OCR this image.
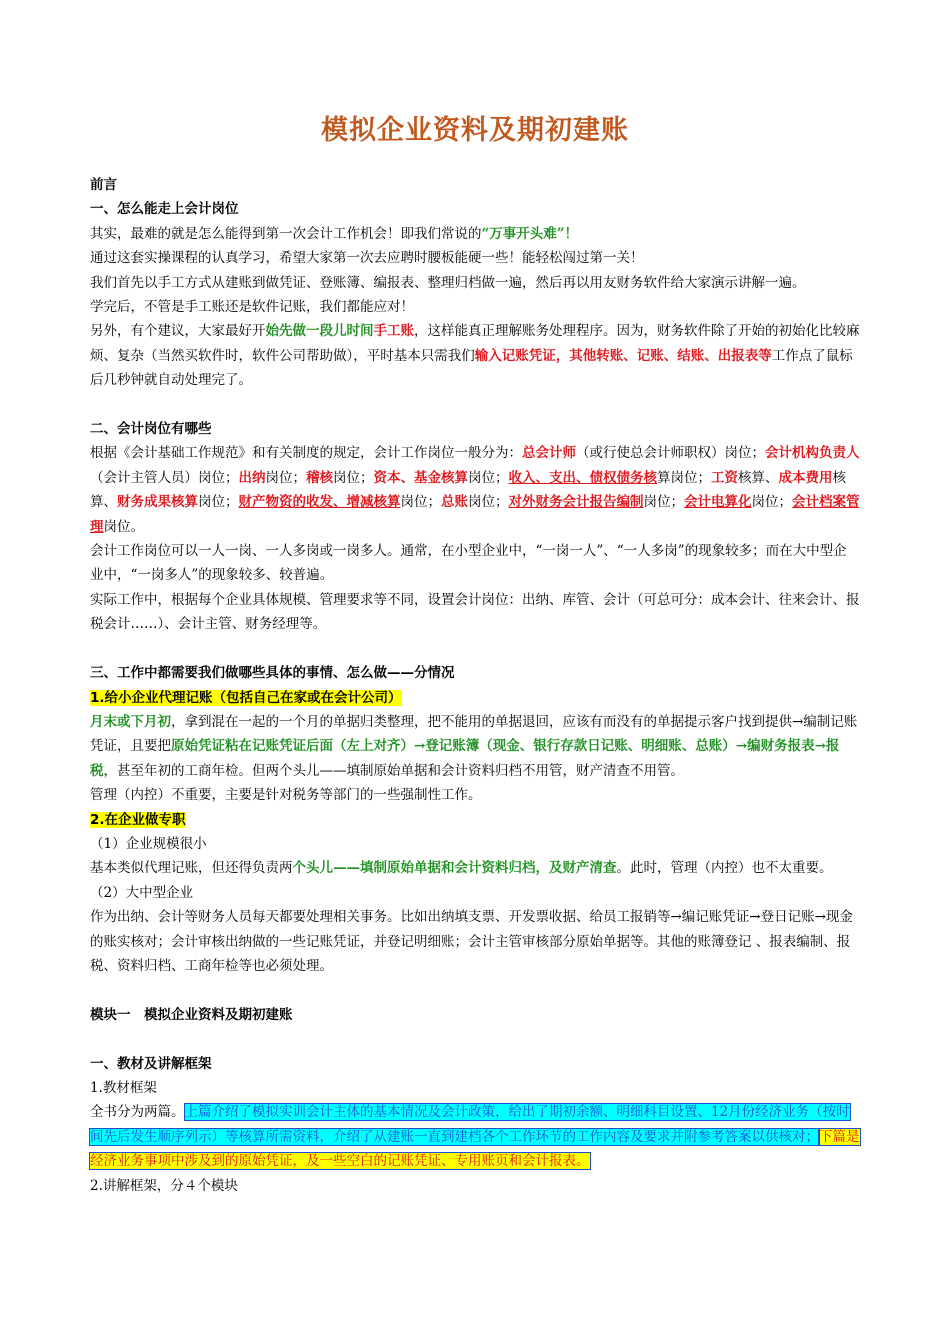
模拟企业资料及期初建账

前言

一、怎么能走上会计岗位

其实，最难的就是怎么能得到第一次会计工作机会！即我们常说的“万事开头难”！

通过这套实操课程的认真学习，希望大家第一次去应聘时腰板能硬一些！能轻松闯过第一关！

我们首先以手工方式从建账到做凭证、登账簿、编报表、整理归档做一遍，然后再以用友财务软件给大家演示讲解一遍。

学完后，不管是手工账还是软件记账，我们都能应对！

另外，有个建议，大家最好开始先做一段儿时间手工账，这样能真正理解账务处理程序。因为，财务软件除了开始的初始化比较麻烦、复杂（当然买软件时，软件公司帮助做），平时基本只需我们输入记账凭证，其他转账、记账、结账、出报表等工作点了鼠标后几秒钟就自动处理完了。

二、会计岗位有哪些

根据《会计基础工作规范》和有关制度的规定，会计工作岗位一般分为：总会计师（或行使总会计师职权）岗位；会计机构负责人（会计主管人员）岗位；出纳岗位；稽核岗位；资本、基金核算岗位；收入、支出、债权债务核算岗位；工资核算、成本费用核算、财务成果核算岗位；财产物资的收发、增减核算岗位；总账岗位；对外财务会计报告编制岗位；会计电算化岗位；会计档案管理岗位。

会计工作岗位可以一人一岗、一人多岗或一岗多人。通常，在小型企业中，“一岗一人”、“一人多岗”的现象较多；而在大中型企业中，“一岗多人”的现象较多、较普遍。

实际工作中，根据每个企业具体规模、管理要求等不同，设置会计岗位：出纳、库管、会计（可总可分：成本会计、往来会计、报税会计……）、会计主管、财务经理等。

三、工作中都需要我们做哪些具体的事情、怎么做——分情况

1.给小企业代理记账（包括自己在家或在会计公司）

月末或下月初，拿到混在一起的一个月的单据归类整理，把不能用的单据退回，应该有而没有的单据提示客户找到提供→编制记账凭证，且要把原始凭证粘在记账凭证后面（左上对齐）→登记账簿（现金、银行存款日记账、明细账、总账）→编财务报表→报税，甚至年初的工商年检。但两个头儿——填制原始单据和会计资料归档不用管，财产清查不用管。

管理（内控）不重要，主要是针对税务等部门的一些强制性工作。

2.在企业做专职

（1）企业规模很小

基本类似代理记账，但还得负责两个头儿——填制原始单据和会计资料归档，及财产清查。此时，管理（内控）也不太重要。

（2）大中型企业

作为出纳、会计等财务人员每天都要处理相关事务。比如出纳填支票、开发票收据、给员工报销等→编记账凭证→登日记账→现金的账实核对；会计审核出纳做的一些记账凭证，并登记明细账；会计主管审核部分原始单据等。其他的账簿登记 、报表编制、报税、资料归档、工商年检等也必须处理。

模块一　模拟企业资料及期初建账

一、教材及讲解框架

1.教材框架

全书分为两篇。上篇介绍了模拟实训会计主体的基本情况及会计政策，给出了期初余额、明细科目设置、12月份经济业务（按时间先后发生顺序列示）等核算所需资料，介绍了从建账一直到建档各个工作环节的工作内容及要求并附参考答案以供核对；下篇是经济业务事项中涉及到的原始凭证，及一些空白的记账凭证、专用账页和会计报表。

2.讲解框架，分４个模块
